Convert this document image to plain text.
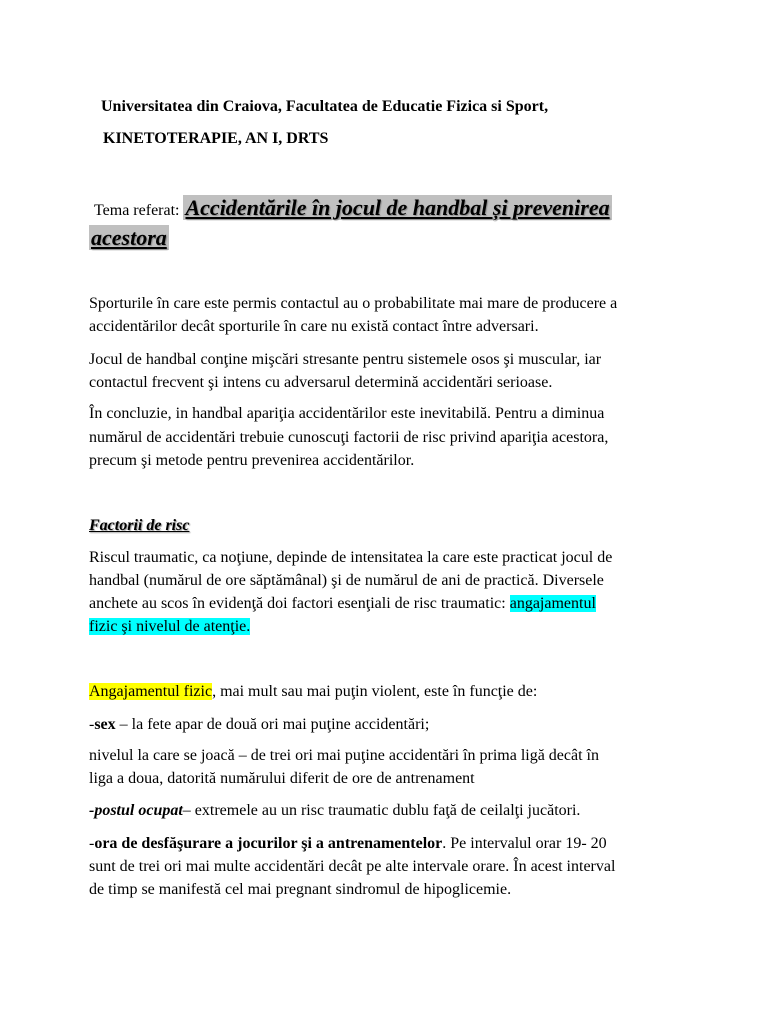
Universitatea din Craiova, Facultatea de Educatie Fizica si Sport,
KINETOTERAPIE, AN I, DRTS
Tema referat: Accidentările în jocul de handbal și prevenirea
acestora
Sporturile în care este permis contactul au o probabilitate mai mare de producere a
accidentărilor decât sporturile în care nu există contact între adversari.
Jocul de handbal conţine mişcări stresante pentru sistemele osos şi muscular, iar
contactul frecvent şi intens cu adversarul determină accidentări serioase.
În concluzie, in handbal apariţia accidentărilor este inevitabilă. Pentru a diminua
numărul de accidentări trebuie cunoscuţi factorii de risc privind apariţia acestora,
precum şi metode pentru prevenirea accidentărilor.
Factorii de risc
Riscul traumatic, ca noţiune, depinde de intensitatea la care este practicat jocul de
handbal (numărul de ore săptămânal) şi de numărul de ani de practică. Diversele
anchete au scos în evidenţă doi factori esenţiali de risc traumatic: angajamentul
fizic şi nivelul de atenţie.
Angajamentul fizic, mai mult sau mai puţin violent, este în funcţie de:
-sex – la fete apar de două ori mai puţine accidentări;
nivelul la care se joacă – de trei ori mai puţine accidentări în prima ligă decât în
liga a doua, datorită numărului diferit de ore de antrenament
-postul ocupat– extremele au un risc traumatic dublu faţă de ceilalţi jucători.
-ora de desfăşurare a jocurilor şi a antrenamentelor. Pe intervalul orar 19- 20
sunt de trei ori mai multe accidentări decât pe alte intervale orare. În acest interval
de timp se manifestă cel mai pregnant sindromul de hipoglicemie.
